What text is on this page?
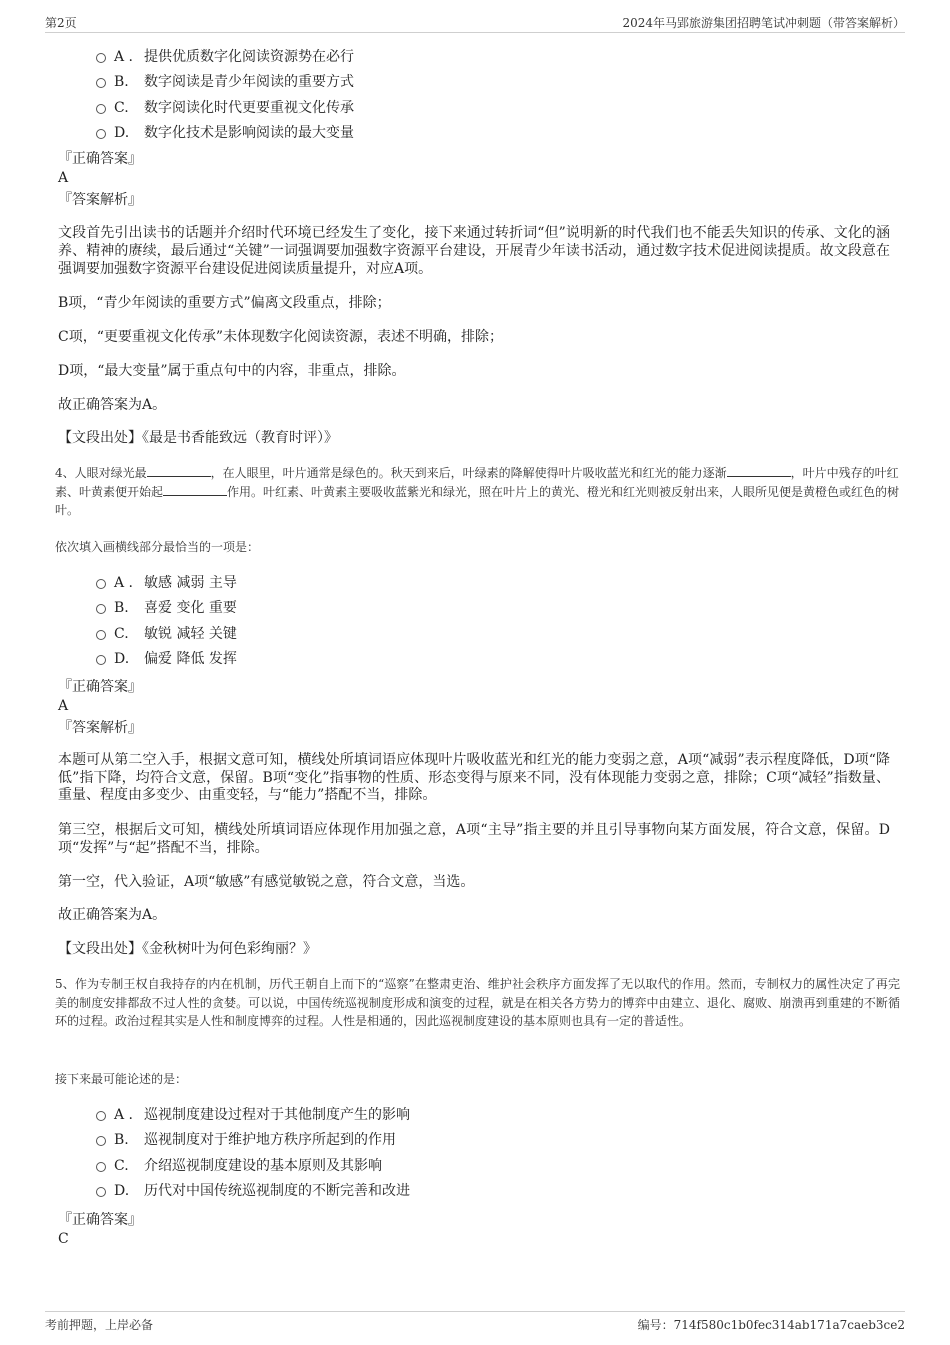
第2页	2024年马郢旅游集团招聘笔试冲刺题（带答案解析）
A . 提供优质数字化阅读资源势在必行
B. 数字阅读是青少年阅读的重要方式
C. 数字阅读化时代更要重视文化传承
D. 数字化技术是影响阅读的最大变量
『正确答案』
A
『答案解析』
文段首先引出读书的话题并介绍时代环境已经发生了变化，接下来通过转折词“但”说明新的时代我们也不能丢失知识的传承、文化的涵养、精神的赓续，最后通过“关键”一词强调要加强数字资源平台建设，开展青少年读书活动，通过数字技术促进阅读提质。故文段意在强调要加强数字资源平台建设促进阅读质量提升，对应A项。
B项，“青少年阅读的重要方式”偏离文段重点，排除；
C项，“更要重视文化传承”未体现数字化阅读资源，表述不明确，排除；
D项，“最大变量”属于重点句中的内容，非重点，排除。
故正确答案为A。
【文段出处】《最是书香能致远（教育时评）》
4、人眼对绿光最	，在人眼里，叶片通常是绿色的。秋天到来后，叶绿素的降解使得叶片吸收蓝光和红光的能力逐渐	，叶片中残存的叶红素、叶黄素便开始起	作用。叶红素、叶黄素主要吸收蓝紫光和绿光，照在叶片上的黄光、橙光和红光则被反射出来，人眼所见便是黄橙色或红色的树叶。
依次填入画横线部分最恰当的一项是：
A . 敏感 减弱 主导
B. 喜爱 变化 重要
C. 敏锐 减轻 关键
D. 偏爱 降低 发挥
『正确答案』
A
『答案解析』
本题可从第二空入手，根据文意可知，横线处所填词语应体现叶片吸收蓝光和红光的能力变弱之意，A项“减弱”表示程度降低，D项“降低”指下降，均符合文意，保留。B项“变化”指事物的性质、形态变得与原来不同，没有体现能力变弱之意，排除；C项“减轻”指数量、重量、程度由多变少、由重变轻，与“能力”搭配不当，排除。
第三空，根据后文可知，横线处所填词语应体现作用加强之意，A项“主导”指主要的并且引导事物向某方面发展，符合文意，保留。D项“发挥”与“起”搭配不当，排除。
第一空，代入验证，A项“敏感”有感觉敏锐之意，符合文意，当选。
故正确答案为A。
【文段出处】《金秋树叶为何色彩绚丽？》
5、作为专制王权自我持存的内在机制，历代王朝自上而下的“巡察”在整肃吏治、维护社会秩序方面发挥了无以取代的作用。然而，专制权力的属性决定了再完美的制度安排都敌不过人性的贪婪。可以说，中国传统巡视制度形成和演变的过程，就是在相关各方势力的博弈中由建立、退化、腐败、崩溃再到重建的不断循环的过程。政治过程其实是人性和制度博弈的过程。人性是相通的，因此巡视制度建设的基本原则也具有一定的普适性。
接下来最可能论述的是：
A . 巡视制度建设过程对于其他制度产生的影响
B. 巡视制度对于维护地方秩序所起到的作用
C. 介绍巡视制度建设的基本原则及其影响
D. 历代对中国传统巡视制度的不断完善和改进
『正确答案』
C
考前押题，上岸必备	编号：714f580c1b0fec314ab171a7caeb3ce2
